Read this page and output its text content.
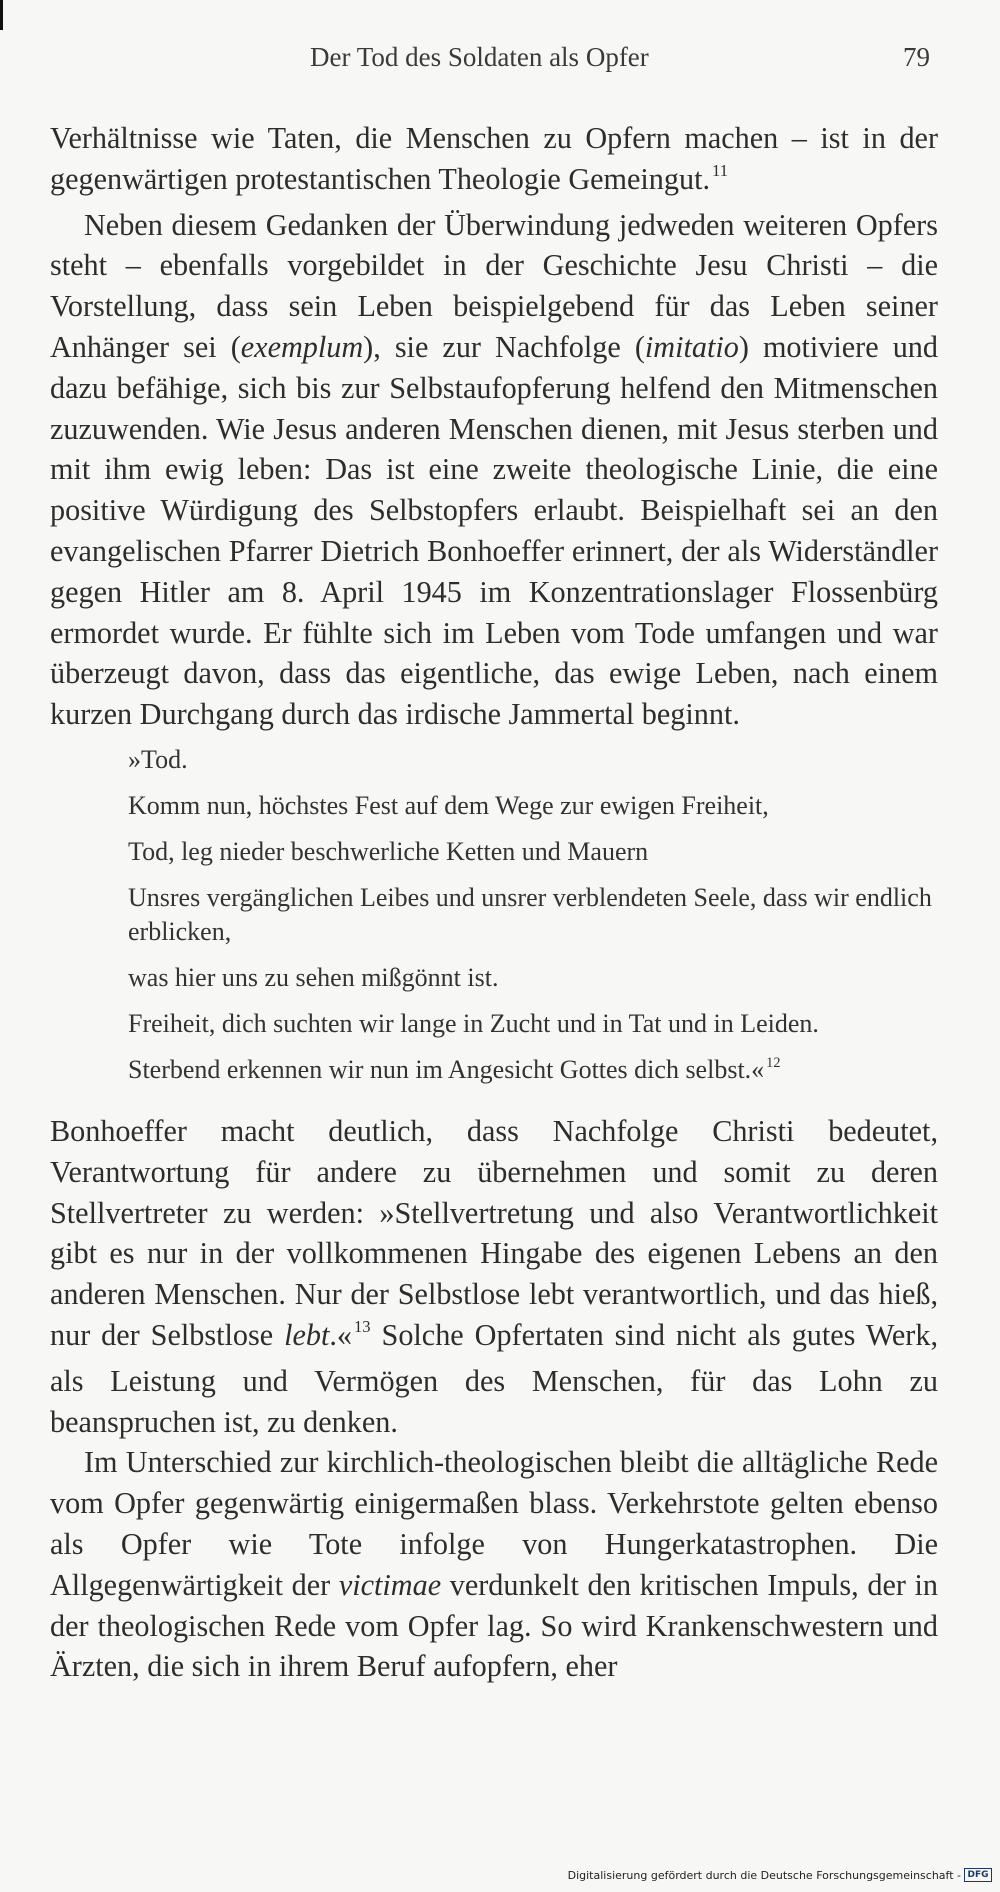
Der Tod des Soldaten als Opfer	79

Verhältnisse wie Taten, die Menschen zu Opfern machen – ist in der gegenwärtigen protestantischen Theologie Gemeingut. $^{11}$

Neben diesem Gedanken der Überwindung jedweden weiteren Opfers steht – ebenfalls vorgebildet in der Geschichte Jesu Christi – die Vorstellung, dass sein Leben beispielgebend für das Leben seiner Anhänger sei (exemplum), sie zur Nachfolge (imitatio) motiviere und dazu befähige, sich bis zur Selbstaufopferung helfend den Mitmenschen zuzuwenden. Wie Jesus anderen Menschen dienen, mit Jesus sterben und mit ihm ewig leben: Das ist eine zweite theologische Linie, die eine positive Würdigung des Selbstopfers erlaubt. Beispielhaft sei an den evangelischen Pfarrer Dietrich Bonhoeffer erinnert, der als Widerständler gegen Hitler am 8. April 1945 im Konzentrationslager Flossenbürg ermordet wurde. Er fühlte sich im Leben vom Tode umfangen und war überzeugt davon, dass das eigentliche, das ewige Leben, nach einem kurzen Durchgang durch das irdische Jammertal beginnt.

»Tod.

Komm nun, höchstes Fest auf dem Wege zur ewigen Freiheit,

Tod, leg nieder beschwerliche Ketten und Mauern

Unsres vergänglichen Leibes und unsrer verblendeten Seele, dass wir endlich erblicken,

was hier uns zu sehen mißgönnt ist.

Freiheit, dich suchten wir lange in Zucht und in Tat und in Leiden.

Sterbend erkennen wir nun im Angesicht Gottes dich selbst.« $^{12}$

Bonhoeffer macht deutlich, dass Nachfolge Christi bedeutet, Verantwortung für andere zu übernehmen und somit zu deren Stellvertreter zu werden: »Stellvertretung und also Verantwortlichkeit gibt es nur in der vollkommenen Hingabe des eigenen Lebens an den anderen Menschen. Nur der Selbstlose lebt verantwortlich, und das hieß, nur der Selbstlose lebt.« $^{13}$ Solche Opfertaten sind nicht als gutes Werk, als Leistung und Vermögen des Menschen, für das Lohn zu beanspruchen ist, zu denken.

Im Unterschied zur kirchlich-theologischen bleibt die alltägliche Rede vom Opfer gegenwärtig einigermaßen blass. Verkehrstote gelten ebenso als Opfer wie Tote infolge von Hungerkatastrophen. Die Allgegenwärtigkeit der victimae verdunkelt den kritischen Impuls, der in der theologischen Rede vom Opfer lag. So wird Krankenschwestern und Ärzten, die sich in ihrem Beruf aufopfern, eher

Digitalisierung gefördert durch die Deutsche Forschungsgemeinschaft - DFG
